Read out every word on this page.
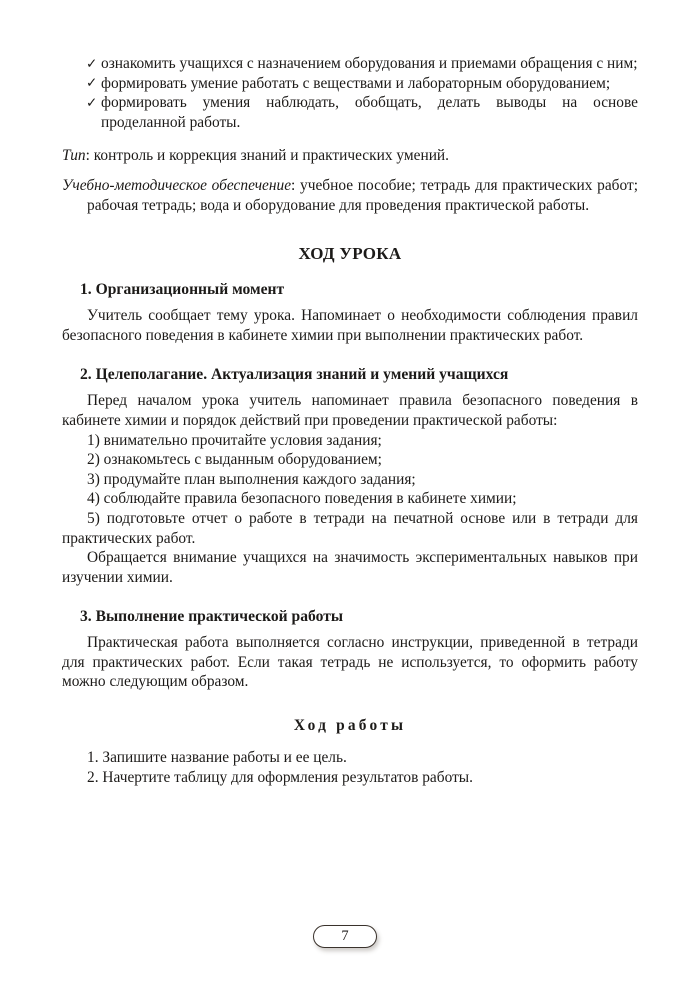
✓ ознакомить учащихся с назначением оборудования и приемами обращения с ним;
✓ формировать умение работать с веществами и лабораторным оборудованием;
✓ формировать умения наблюдать, обобщать, делать выводы на основе проделанной работы.

Тип: контроль и коррекция знаний и практических умений.

Учебно-методическое обеспечение: учебное пособие; тетрадь для практических работ; рабочая тетрадь; вода и оборудование для проведения практической работы.

ХОД УРОКА
1. Организационный момент

Учитель сообщает тему урока. Напоминает о необходимости соблюдения правил безопасного поведения в кабинете химии при выполнении практических работ.

2. Целеполагание. Актуализация знаний и умений учащихся

Перед началом урока учитель напоминает правила безопасного поведения в кабинете химии и порядок действий при проведении практической работы:

1) внимательно прочитайте условия задания;

2) ознакомьтесь с выданным оборудованием;

3) продумайте план выполнения каждого задания;

4) соблюдайте правила безопасного поведения в кабинете химии;

5) подготовьте отчет о работе в тетради на печатной основе или в тетради для практических работ.

Обращается внимание учащихся на значимость экспериментальных навыков при изучении химии.

3. Выполнение практической работы

Практическая работа выполняется согласно инструкции, приведенной в тетради для практических работ. Если такая тетрадь не используется, то оформить работу можно следующим образом.

Ход работы

1. Запишите название работы и ее цель.

2. Начертите таблицу для оформления результатов работы.

7
